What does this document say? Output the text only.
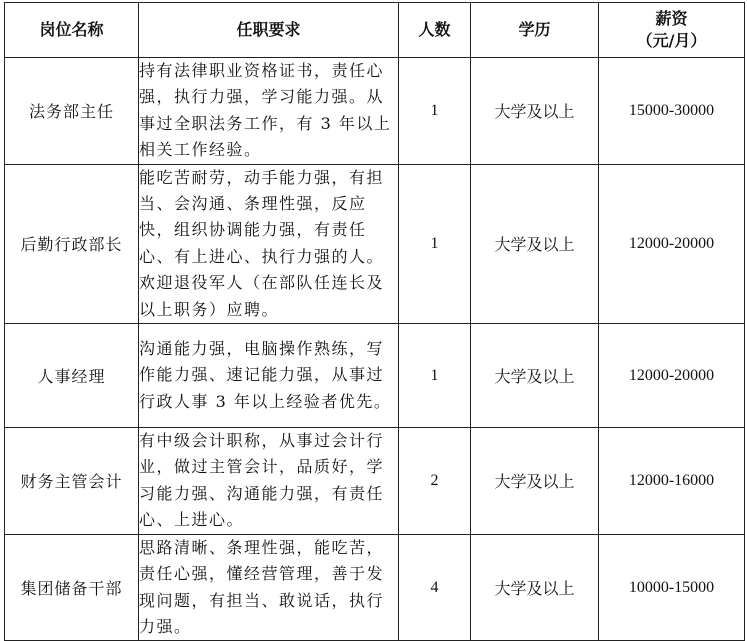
岗位名称	任职要求	人数	学历	薪资
（元/月）

法务部主任	持有法律职业资格证书，责任心强，执行力强，学习能力强。从事过全职法务工作，有 3 年以上相关工作经验。	1	大学及以上	15000-30000
后勤行政部长	能吃苦耐劳，动手能力强，有担当、会沟通、条理性强，反应快，组织协调能力强，有责任心、有上进心、执行力强的人。欢迎退役军人（在部队任连长及以上职务）应聘。	1	大学及以上	12000-20000
人事经理	沟通能力强，电脑操作熟练，写作能力强、速记能力强，从事过行政人事 3 年以上经验者优先。	1	大学及以上	12000-20000
财务主管会计	有中级会计职称，从事过会计行业，做过主管会计，品质好，学习能力强、沟通能力强，有责任心、上进心。	2	大学及以上	12000-16000
集团储备干部	思路清晰、条理性强，能吃苦，责任心强，懂经营管理，善于发现问题，有担当、敢说话，执行力强。	4	大学及以上	10000-15000
